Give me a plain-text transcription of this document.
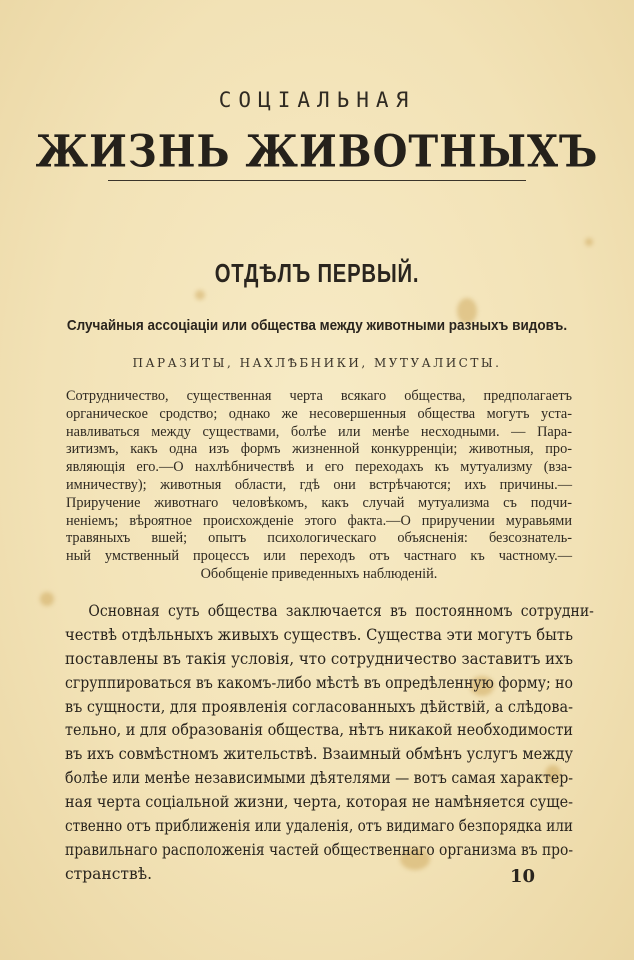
СОЦIАЛЬНАЯ
ЖИЗНЬ ЖИВОТНЫХЪ
ОТДѢЛЪ ПЕРВЫЙ.
Случайныя ассоцiацiи или общества между животными разныхъ видовъ.
ПАРАЗИТЫ, НАХЛѢБНИКИ, МУТУАЛИСТЫ.
Сотрудничество, существенная черта всякаго общества, предполагаетъ
органическое сродство; однако же несовершенныя общества могутъ уста-
навливаться между существами, болѣе или менѣе несходными. — Пара-
зитизмъ, какъ одна изъ формъ жизненной конкурренцiи; животныя, про-
являющiя его.—О нахлѣбничествѣ и его переходахъ къ мутуализму (вза-
имничеству); животныя области, гдѣ они встрѣчаются; ихъ причины.—
Приручение животнаго человѣкомъ, какъ случай мутуализма съ подчи-
ненiемъ; вѣроятное происхожденiе этого факта.—О приручении муравьями
травяныхъ вшей; опытъ психологическаго объясненiя: безсознатель-
ный умственный процессъ или переходъ отъ частнаго къ частному.—
Обобщенiе приведенныхъ наблюденiй.
Основная суть общества заключается въ постоянномъ сотрудни-
чествѣ отдѣльныхъ живыхъ существъ. Существа эти могутъ быть
поставлены въ такiя условiя, что сотрудничество заставитъ ихъ
сгруппироваться въ какомъ-либо мѣстѣ въ опредѣленную форму; но
въ сущности, для проявленiя согласованныхъ дѣйствiй, а слѣдова-
тельно, и для образованiя общества, нѣтъ никакой необходимости
въ ихъ совмѣстномъ жительствѣ. Взаимный обмѣнъ услугъ между
болѣе или менѣе независимыми дѣятелями — вотъ самая характер-
ная черта соцiальной жизни, черта, которая не намѣняется суще-
ственно отъ приближенiя или удаленiя, отъ видимаго безпорядка или
правильнаго расположенiя частей общественнаго организма въ про-
странствѣ.	10
